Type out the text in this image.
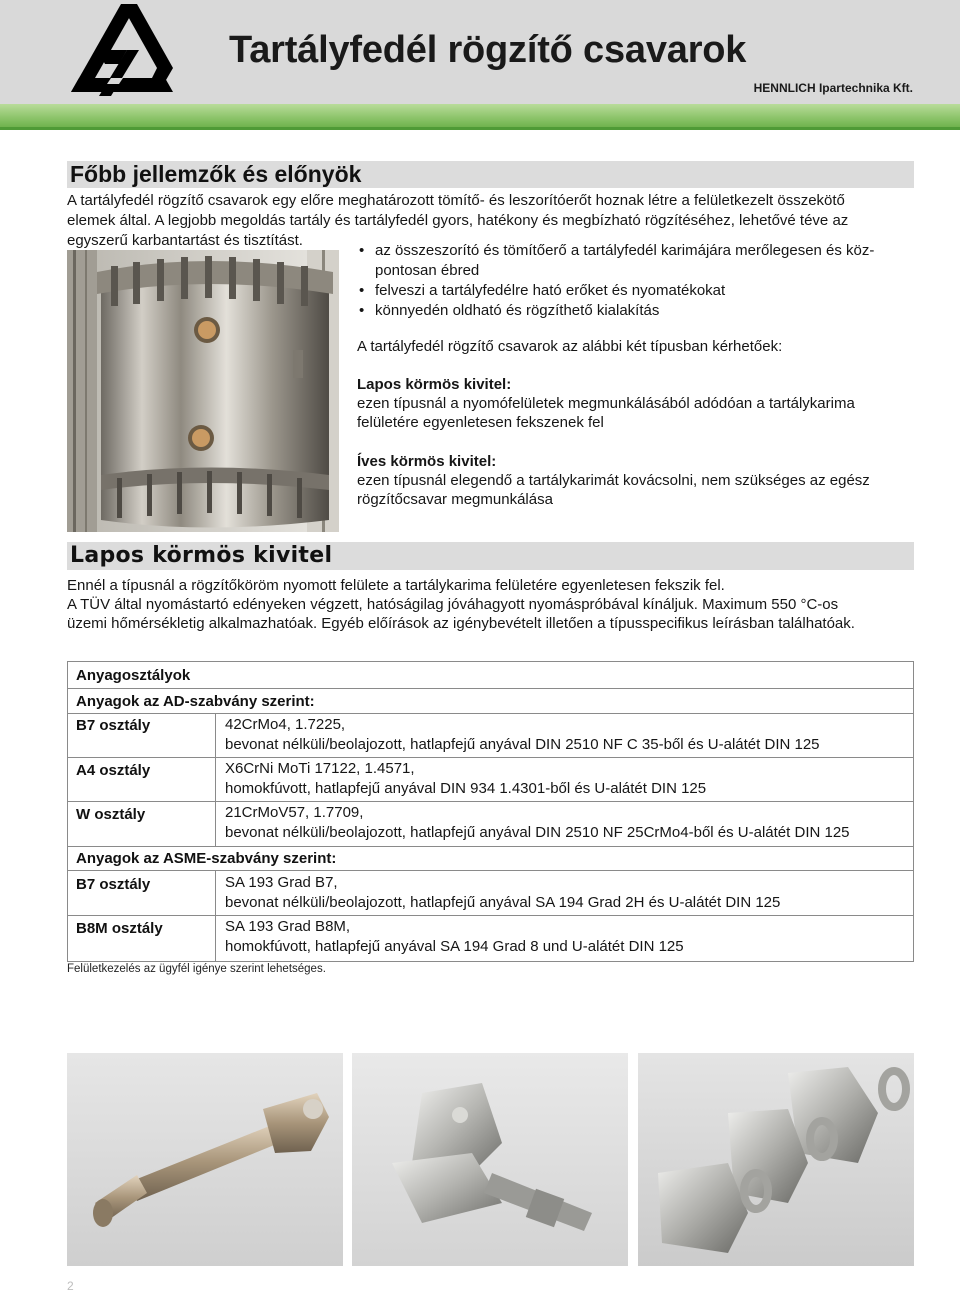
Tartályfedél rögzítő csavarok
HENNLICH Ipartechnika Kft.
Főbb jellemzők és előnyök
A tartályfedél rögzítő csavarok egy előre meghatározott tömítő- és leszorítóerőt hoznak létre a felületkezelt összekötő
elemek által. A legjobb megoldás tartály és tartályfedél gyors, hatékony és megbízható rögzítéséhez, lehetővé téve az
egyszerű karbantartást és tisztítást.
• az összeszorító és tömítőerő a tartályfedél karimájára merőlegesen és köz-
pontosan ébred
• felveszi a tartályfedélre ható erőket és nyomatékokat
• könnyedén oldható és rögzíthető kialakítás
A tartályfedél rögzítő csavarok az alábbi két típusban kérhetőek:
Lapos körmös kivitel:
ezen típusnál a nyomófelületek megmunkálásából adódóan a tartálykarima
felületére egyenletesen fekszenek fel
Íves körmös kivitel:
ezen típusnál elegendő a tartálykarimát kovácsolni, nem szükséges az egész
rögzítőcsavar megmunkálása
Lapos körmös kivitel
Ennél a típusnál a rögzítőköröm nyomott felülete a tartálykarima felületére egyenletesen fekszik fel.
A TÜV által nyomástartó edényeken végzett, hatóságilag jóváhagyott nyomáspróbával kínáljuk. Maximum 550 °C-os
üzemi hőmérsékletig alkalmazhatóak. Egyéb előírások az igénybevételt illetően a típusspecifikus leírásban találhatóak.
Anyagosztályok
Anyagok az AD-szabvány szerint:
B7 osztály	42CrMo4, 1.7225,
bevonat nélküli/beolajozott, hatlapfejű anyával DIN 2510 NF C 35-ből és U-alátét DIN 125
A4 osztály	X6CrNi MoTi 17122, 1.4571,
homokfúvott, hatlapfejű anyával DIN 934 1.4301-ből és U-alátét DIN 125
W osztály	21CrMoV57, 1.7709,
bevonat nélküli/beolajozott, hatlapfejű anyával DIN 2510 NF 25CrMo4-ből és U-alátét DIN 125
Anyagok az ASME-szabvány szerint:
B7 osztály	SA 193 Grad B7,
bevonat nélküli/beolajozott, hatlapfejű anyával SA 194 Grad 2H és U-alátét DIN 125
B8M osztály	SA 193 Grad B8M,
homokfúvott, hatlapfejű anyával SA 194 Grad 8 und U-alátét DIN 125
Felületkezelés az ügyfél igénye szerint lehetséges.
2
